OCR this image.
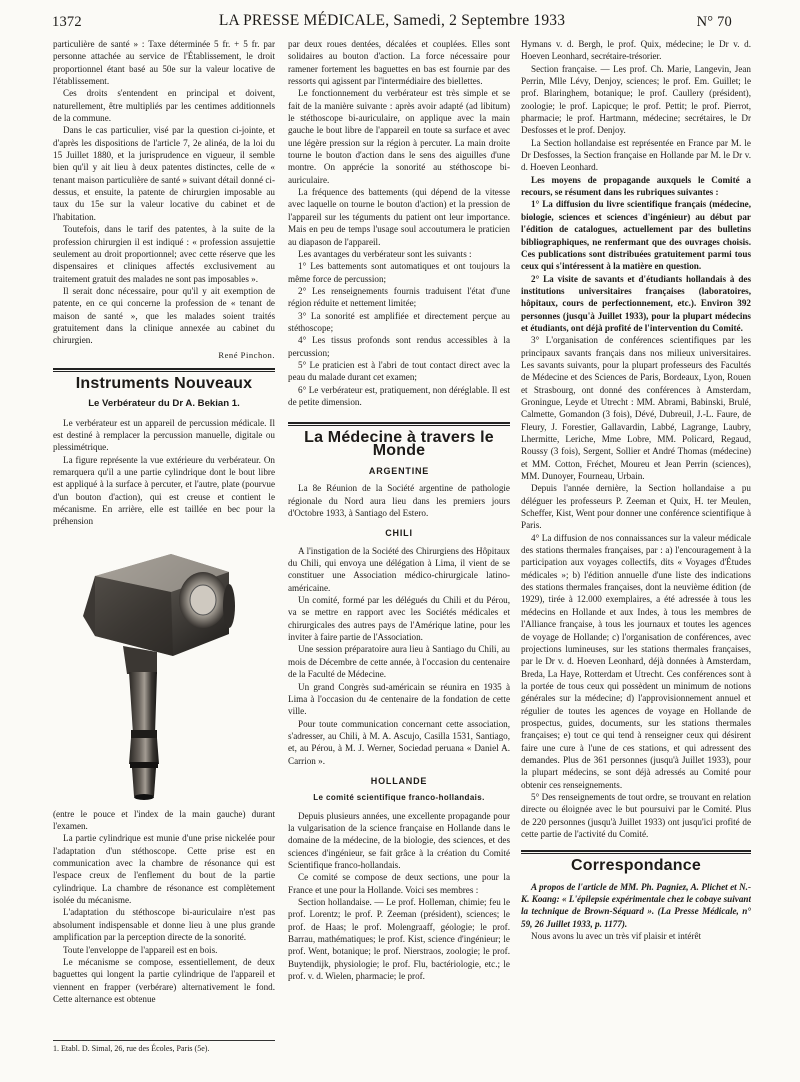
1372	LA PRESSE MÉDICALE, Samedi, 2 Septembre 1933	N° 70

particulière de santé » : Taxe déterminée 5 fr. + 5 fr. par personne attachée au service de l'Établissement, le droit proportionnel étant basé au 50e sur la valeur locative de l'établissement.

Ces droits s'entendent en principal et doivent, naturellement, être multipliés par les centimes additionnels de la commune.

Dans le cas particulier, visé par la question ci-jointe, et d'après les dispositions de l'article 7, 2e alinéa, de la loi du 15 Juillet 1880, et la jurisprudence en vigueur, il semble bien qu'il y ait lieu à deux patentes distinctes, celle de « tenant maison particulière de santé » suivant détail donné ci-dessus, et ensuite, la patente de chirurgien imposable au taux du 15e sur la valeur locative du cabinet et de l'habitation.

Toutefois, dans le tarif des patentes, à la suite de la profession chirurgien il est indiqué : « profession assujettie seulement au droit proportionnel; avec cette réserve que les dispensaires et cliniques affectés exclusivement au traitement gratuit des malades ne sont pas imposables ».

Il serait donc nécessaire, pour qu'il y ait exemption de patente, en ce qui concerne la profession de « tenant de maison de santé », que les malades soient traités gratuitement dans la clinique annexée au cabinet du chirurgien.

René Pinchon.

Instruments Nouveaux
Le Verbérateur du Dr A. Bekian 1.

Le verbérateur est un appareil de percussion médicale. Il est destiné à remplacer la percussion manuelle, digitale ou plessimétrique.

La figure représente la vue extérieure du verbérateur. On remarquera qu'il a une partie cylindrique dont le bout libre est appliqué à la surface à percuter, et l'autre, plate (pourvue d'un bouton d'action), qui est creuse et contient le mécanisme. En arrière, elle est taillée en bec pour la préhension

(entre le pouce et l'index de la main gauche) durant l'examen.

La partie cylindrique est munie d'une prise nickelée pour l'adaptation d'un stéthoscope. Cette prise est en communication avec la chambre de résonance qui est l'espace creux de l'enflement du bout de la partie cylindrique. La chambre de résonance est complètement isolée du mécanisme.

L'adaptation du stéthoscope bi-auriculaire n'est pas absolument indispensable et donne lieu à une plus grande amplification par la perception directe de la sonorité.

Toute l'enveloppe de l'appareil est en bois.

Le mécanisme se compose, essentiellement, de deux baguettes qui longent la partie cylindrique de l'appareil et viennent en frapper (verbérare) alternativement le fond. Cette alternance est obtenue

1. Etabl. D. Simal, 26, rue des Écoles, Paris (5e).

par deux roues dentées, décalées et couplées. Elles sont solidaires au bouton d'action. La force nécessaire pour ramener fortement les baguettes en bas est fournie par des ressorts qui agissent par l'intermédiaire des biellettes.

Le fonctionnement du verbérateur est très simple et se fait de la manière suivante : après avoir adapté (ad libitum) le stéthoscope bi-auriculaire, on applique avec la main gauche le bout libre de l'appareil en toute sa surface et avec une légère pression sur la région à percuter. La main droite tourne le bouton d'action dans le sens des aiguilles d'une montre. On apprécie la sonorité au stéthoscope bi-auriculaire.

La fréquence des battements (qui dépend de la vitesse avec laquelle on tourne le bouton d'action) et la pression de l'appareil sur les téguments du patient ont leur importance. Mais en peu de temps l'usage soul accoutumera le praticien au diapason de l'appareil.

Les avantages du verbérateur sont les suivants :

1° Les battements sont automatiques et ont toujours la même force de percussion;

2° Les renseignements fournis traduisent l'état d'une région réduite et nettement limitée;

3° La sonorité est amplifiée et directement perçue au stéthoscope;

4° Les tissus profonds sont rendus accessibles à la percussion;

5° Le praticien est à l'abri de tout contact direct avec la peau du malade durant cet examen;

6° Le verbérateur est, pratiquement, non déréglable. Il est de petite dimension.

La Médecine à travers le Monde
ARGENTINE

La 8e Réunion de la Société argentine de pathologie régionale du Nord aura lieu dans les premiers jours d'Octobre 1933, à Santiago del Estero.

CHILI

A l'instigation de la Société des Chirurgiens des Hôpitaux du Chili, qui envoya une délégation à Lima, il vient de se constituer une Association médico-chirurgicale latino-américaine.

Un comité, formé par les délégués du Chili et du Pérou, va se mettre en rapport avec les Sociétés médicales et chirurgicales des autres pays de l'Amérique latine, pour les inviter à faire partie de l'Association.

Une session préparatoire aura lieu à Santiago du Chili, au mois de Décembre de cette année, à l'occasion du centenaire de la Faculté de Médecine.

Un grand Congrès sud-américain se réunira en 1935 à Lima à l'occasion du 4e centenaire de la fondation de cette ville.

Pour toute communication concernant cette association, s'adresser, au Chili, à M. A. Ascujo, Casilla 1531, Santiago, et, au Pérou, à M. J. Werner, Sociedad peruana « Daniel A. Carrion ».

HOLLANDE
Le comité scientifique franco-hollandais.

Depuis plusieurs années, une excellente propagande pour la vulgarisation de la science française en Hollande dans le domaine de la médecine, de la biologie, des sciences, et des sciences d'ingénieur, se fait grâce à la création du Comité Scientifique franco-hollandais.

Ce comité se compose de deux sections, une pour la France et une pour la Hollande. Voici ses membres :

Section hollandaise. — Le prof. Holleman, chimie; feu le prof. Lorentz; le prof. P. Zeeman (président), sciences; le prof. de Haas; le prof. Molengraaff, géologie; le prof. Barrau, mathématiques; le prof. Kist, science d'ingénieur; le prof. Went, botanique; le prof. Nierstraos, zoologie; le prof. Buytendijk, physiologie; le prof. Flu, bactériologie, etc.; le prof. v. d. Wielen, pharmacie; le prof.

Hymans v. d. Bergh, le prof. Quix, médecine; le Dr v. d. Hoeven Leonhard, secrétaire-trésorier.

Section française. — Les prof. Ch. Marie, Langevin, Jean Perrin, Mlle Lévy, Denjoy, sciences; le prof. Em. Guillet; le prof. Blaringhem, botanique; le prof. Caullery (président), zoologie; le prof. Lapicque; le prof. Pettit; le prof. Pierrot, pharmacie; le prof. Hartmann, médecine; secrétaires, le Dr Desfosses et le prof. Denjoy.

La Section hollandaise est représentée en France par M. le Dr Desfosses, la Section française en Hollande par M. le Dr v. d. Hoeven Leonhard.

Les moyens de propagande auxquels le Comité a recours, se résument dans les rubriques suivantes :

1° La diffusion du livre scientifique français (médecine, biologie, sciences et sciences d'ingénieur) au début par l'édition de catalogues, actuellement par des bulletins bibliographiques, ne renfermant que des ouvrages choisis. Ces publications sont distribuées gratuitement parmi tous ceux qui s'intéressent à la matière en question.

2° La visite de savants et d'étudiants hollandais à des institutions universitaires françaises (laboratoires, hôpitaux, cours de perfectionnement, etc.). Environ 392 personnes (jusqu'à Juillet 1933), pour la plupart médecins et étudiants, ont déjà profité de l'intervention du Comité.

3° L'organisation de conférences scientifiques par les principaux savants français dans nos milieux universitaires. Les savants suivants, pour la plupart professeurs des Facultés de Médecine et des Sciences de Paris, Bordeaux, Lyon, Rouen et Strasbourg, ont donné des conférences à Amsterdam, Groningue, Leyde et Utrecht : MM. Abrami, Babinski, Brulé, Calmette, Gomandon (3 fois), Dévé, Dubreuil, J.-L. Faure, de Fleury, J. Forestier, Gallavardin, Labbé, Lagrange, Laubry, Lhermitte, Leriche, Mme Lobre, MM. Policard, Regaud, Roussy (3 fois), Sergent, Sollier et André Thomas (médecine) et MM. Cotton, Fréchet, Moureu et Jean Perrin (sciences), MM. Dunoyer, Fourneau, Urbain.

Depuis l'année dernière, la Section hollandaise a pu déléguer les professeurs P. Zeeman et Quix, H. ter Meulen, Scheffer, Kist, Went pour donner une conférence scientifique à Paris.

4° La diffusion de nos connaissances sur la valeur médicale des stations thermales françaises, par : a) l'encouragement à la participation aux voyages collectifs, dits « Voyages d'Études médicales »; b) l'édition annuelle d'une liste des indications des stations thermales françaises, dont la neuvième édition (de 1929), tirée à 12.000 exemplaires, a été adressée à tous les médecins en Hollande et aux Indes, à tous les membres de l'Alliance française, à tous les journaux et toutes les agences de voyage de Hollande; c) l'organisation de conférences, avec projections lumineuses, sur les stations thermales françaises, par le Dr v. d. Hoeven Leonhard, déjà données à Amsterdam, Breda, La Haye, Rotterdam et Utrecht. Ces conférences sont à la portée de tous ceux qui possèdent un minimum de notions générales sur la médecine; d) l'approvisionnement annuel et régulier de toutes les agences de voyage en Hollande de prospectus, guides, documents, sur les stations thermales françaises; e) tout ce qui tend à renseigner ceux qui désirent faire une cure à l'une de ces stations, et qui adressent des demandes. Plus de 361 personnes (jusqu'à Juillet 1933), pour la plupart médecins, se sont déjà adressés au Comité pour obtenir ces renseignements.

5° Des renseignements de tout ordre, se trouvant en relation directe ou éloignée avec le but poursuivi par le Comité. Plus de 220 personnes (jusqu'à Juillet 1933) ont jusqu'ici profité de cette partie de l'activité du Comité.

Correspondance

A propos de l'article de MM. Ph. Pagniez, A. Plichet et N.-K. Koang: « L'épilepsie expérimentale chez le cobaye suivant la technique de Brown-Séquard ». (La Presse Médicale, n° 59, 26 Juillet 1933, p. 1177).

Nous avons lu avec un très vif plaisir et intérêt
